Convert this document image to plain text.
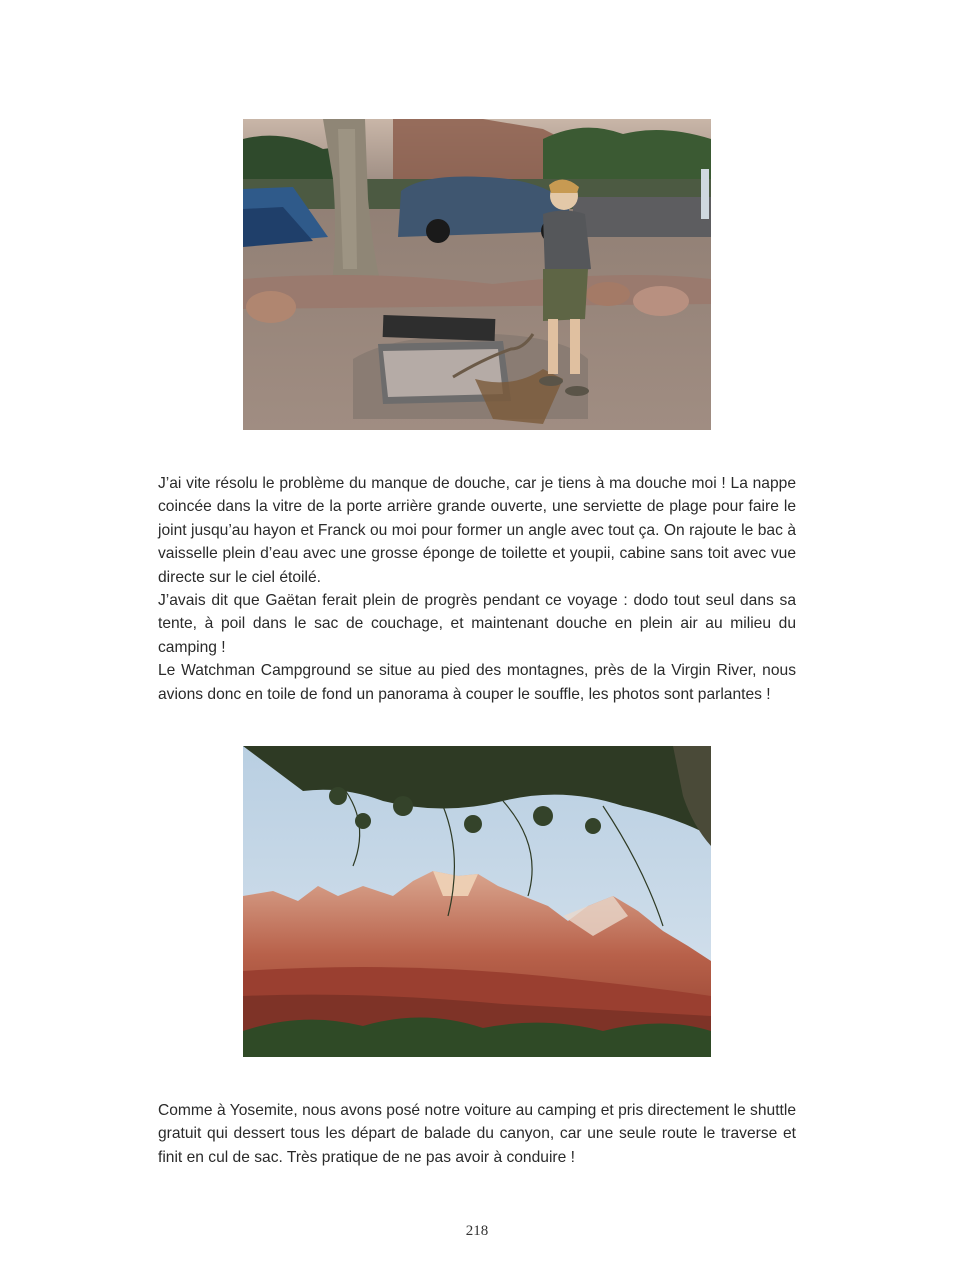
J’ai vite résolu le problème du manque de douche, car je tiens à ma douche moi ! La nappe coincée dans la vitre de la porte arrière grande ouverte, une serviette de plage pour faire le joint jusqu’au hayon et Franck ou moi pour former un angle avec tout ça. On rajoute le bac à vaisselle plein d’eau avec une grosse éponge de toilette et youpii, cabine sans toit avec vue directe sur le ciel étoilé.
J’avais dit que Gaëtan ferait plein de progrès pendant ce voyage : dodo tout seul dans sa tente, à poil dans le sac de couchage, et maintenant douche en plein air au milieu du camping !
Le Watchman Campground se situe au pied des montagnes, près de la Virgin River, nous avions donc en toile de fond un panorama à couper le souffle, les photos sont parlantes !
Comme à Yosemite, nous avons posé notre voiture au camping et pris directement le shuttle gratuit qui dessert tous les départ de balade du canyon, car une seule route le traverse et finit en cul de sac. Très pratique de ne pas avoir à conduire !
218
